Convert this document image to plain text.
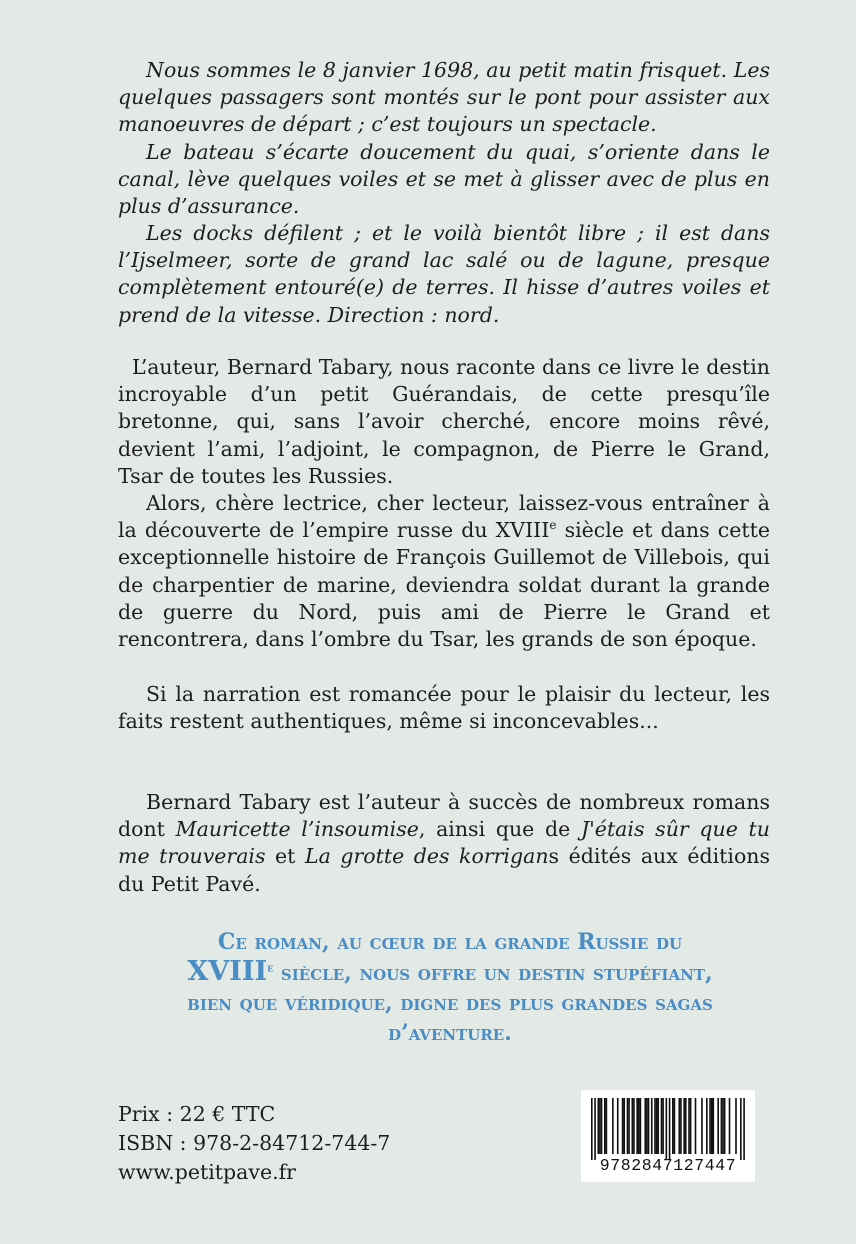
Nous sommes le 8 janvier 1698, au petit matin frisquet. Les quelques passagers sont montés sur le pont pour assister aux manoeuvres de départ ; c’est toujours un spectacle.

Le bateau s’écarte doucement du quai, s’oriente dans le canal, lève quelques voiles et se met à glisser avec de plus en plus d’assurance.

Les docks défilent ; et le voilà bientôt libre ; il est dans l’Ijselmeer, sorte de grand lac salé ou de lagune, presque complètement entouré(e) de terres. Il hisse d’autres voiles et prend de la vitesse. Direction : nord.

L’auteur, Bernard Tabary, nous raconte dans ce livre le destin incroyable d’un petit Guérandais, de cette presqu’île bretonne, qui, sans l’avoir cherché, encore moins rêvé, devient l’ami, l’adjoint, le compagnon, de Pierre le Grand, Tsar de toutes les Russies.

Alors, chère lectrice, cher lecteur, laissez-vous entraîner à la découverte de l’empire russe du XVIIIe siècle et dans cette exceptionnelle histoire de François Guillemot de Villebois, qui de charpentier de marine, deviendra soldat durant la grande de guerre du Nord, puis ami de Pierre le Grand et rencontrera, dans l’ombre du Tsar, les grands de son époque.

Si la narration est romancée pour le plaisir du lecteur, les faits restent authentiques, même si inconcevables...

Bernard Tabary est l’auteur à succès de nombreux romans dont Mauricette l’insoumise, ainsi que de J'étais sûr que tu me trouverais et La grotte des korrigans édités aux éditions du Petit Pavé.

Ce roman, au cœur de la grande Russie du XVIIIe siècle, nous offre un destin stupéfiant, bien que véridique, digne des plus grandes sagas d’aventure.

Prix : 22 € TTC
ISBN : 978-2-84712-744-7
www.petitpave.fr	9782847127447
